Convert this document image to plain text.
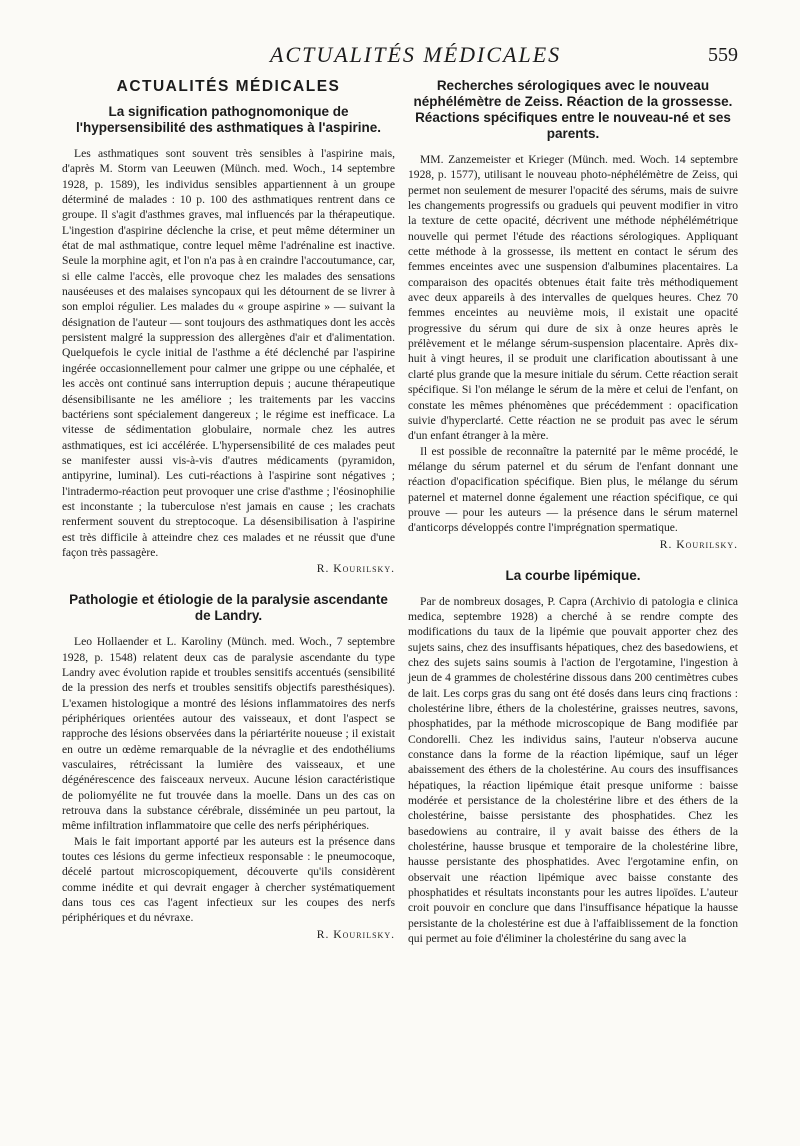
ACTUALITÉS MÉDICALES	559
ACTUALITÉS MÉDICALES
La signification pathognomonique de l'hypersensibilité des asthmatiques à l'aspirine.

Les asthmatiques sont souvent très sensibles à l'aspirine mais, d'après M. Storm van Leeuwen (Münch. med. Woch., 14 septembre 1928, p. 1589), les individus sensibles appartiennent à un groupe déterminé de malades : 10 p. 100 des asthmatiques rentrent dans ce groupe. Il s'agit d'asthmes graves, mal influencés par la thérapeutique. L'ingestion d'aspirine déclenche la crise, et peut même déterminer un état de mal asthmatique, contre lequel même l'adrénaline est inactive. Seule la morphine agit, et l'on n'a pas à en craindre l'accoutumance, car, si elle calme l'accès, elle provoque chez les malades des sensations nauséeuses et des malaises syncopaux qui les détournent de se livrer à son emploi régulier. Les malades du « groupe aspirine » — suivant la désignation de l'auteur — sont toujours des asthmatiques dont les accès persistent malgré la suppression des allergènes d'air et d'alimentation. Quelquefois le cycle initial de l'asthme a été déclenché par l'aspirine ingérée occasionnellement pour calmer une grippe ou une céphalée, et les accès ont continué sans interruption depuis ; aucune thérapeutique désensibilisante ne les améliore ; les traitements par les vaccins bactériens sont spécialement dangereux ; le régime est inefficace. La vitesse de sédimentation globulaire, normale chez les autres asthmatiques, est ici accélérée. L'hypersensibilité de ces malades peut se manifester aussi vis-à-vis d'autres médicaments (pyramidon, antipyrine, luminal). Les cuti-réactions à l'aspirine sont négatives ; l'intradermo-réaction peut provoquer une crise d'asthme ; l'éosinophilie est inconstante ; la tuberculose n'est jamais en cause ; les crachats renferment souvent du streptocoque. La désensibilisation à l'aspirine est très difficile à atteindre chez ces malades et ne réussit que d'une façon très passagère.

R. Kourilsky.
Pathologie et étiologie de la paralysie ascendante de Landry.

Leo Hollaender et L. Karoliny (Münch. med. Woch., 7 septembre 1928, p. 1548) relatent deux cas de paralysie ascendante du type Landry avec évolution rapide et troubles sensitifs accentués (sensibilité de la pression des nerfs et troubles sensitifs objectifs paresthésiques). L'examen histologique a montré des lésions inflammatoires des nerfs périphériques orientées autour des vaisseaux, et dont l'aspect se rapproche des lésions observées dans la périartérite noueuse ; il existait en outre un œdème remarquable de la névraglie et des endothéliums vasculaires, rétrécissant la lumière des vaisseaux, et une dégénérescence des faisceaux nerveux. Aucune lésion caractéristique de poliomyélite ne fut trouvée dans la moelle. Dans un des cas on retrouva dans la substance cérébrale, disséminée un peu partout, la même infiltration inflammatoire que celle des nerfs périphériques.

Mais le fait important apporté par les auteurs est la présence dans toutes ces lésions du germe infectieux responsable : le pneumocoque, décelé partout microscopiquement, découverte qu'ils considèrent comme inédite et qui devrait engager à chercher systématiquement dans tous ces cas l'agent infectieux sur les coupes des nerfs périphériques et du névraxe.

R. Kourilsky.
Recherches sérologiques avec le nouveau néphélémètre de Zeiss. Réaction de la grossesse. Réactions spécifiques entre le nouveau-né et ses parents.

MM. Zanzemeister et Krieger (Münch. med. Woch. 14 septembre 1928, p. 1577), utilisant le nouveau photo-néphélémètre de Zeiss, qui permet non seulement de mesurer l'opacité des sérums, mais de suivre les changements progressifs ou graduels qui peuvent modifier in vitro la texture de cette opacité, décrivent une méthode néphélémétrique nouvelle qui permet l'étude des réactions sérologiques. Appliquant cette méthode à la grossesse, ils mettent en contact le sérum des femmes enceintes avec une suspension d'albumines placentaires. La comparaison des opacités obtenues était faite très méthodiquement avec deux appareils à des intervalles de quelques heures. Chez 70 femmes enceintes au neuvième mois, il existait une opacité progressive du sérum qui dure de six à onze heures après le prélèvement et le mélange sérum-suspension placentaire. Après dix-huit à vingt heures, il se produit une clarification aboutissant à une clarté plus grande que la mesure initiale du sérum. Cette réaction serait spécifique. Si l'on mélange le sérum de la mère et celui de l'enfant, on constate les mêmes phénomènes que précédemment : opacification suivie d'hyperclarté. Cette réaction ne se produit pas avec le sérum d'un enfant étranger à la mère.

Il est possible de reconnaître la paternité par le même procédé, le mélange du sérum paternel et du sérum de l'enfant donnant une réaction d'opacification spécifique. Bien plus, le mélange du sérum paternel et maternel donne également une réaction spécifique, ce qui prouve — pour les auteurs — la présence dans le sérum maternel d'anticorps développés contre l'imprégnation spermatique.

R. Kourilsky.
La courbe lipémique.

Par de nombreux dosages, P. Capra (Archivio di patologia e clinica medica, septembre 1928) a cherché à se rendre compte des modifications du taux de la lipémie que pouvait apporter chez des sujets sains, chez des insuffisants hépatiques, chez des basedowiens, et chez des sujets sains soumis à l'action de l'ergotamine, l'ingestion à jeun de 4 grammes de cholestérine dissous dans 200 centimètres cubes de lait. Les corps gras du sang ont été dosés dans leurs cinq fractions : cholestérine libre, éthers de la cholestérine, graisses neutres, savons, phosphatides, par la méthode microscopique de Bang modifiée par Condorelli. Chez les individus sains, l'auteur n'observa aucune constance dans la forme de la réaction lipémique, sauf un léger abaissement des éthers de la cholestérine. Au cours des insuffisances hépatiques, la réaction lipémique était presque uniforme : baisse modérée et persistance de la cholestérine libre et des éthers de la cholestérine, baisse persistante des phosphatides. Chez les basedowiens au contraire, il y avait baisse des éthers de la cholestérine, hausse brusque et temporaire de la cholestérine libre, hausse persistante des phosphatides. Avec l'ergotamine enfin, on observait une réaction lipémique avec baisse constante des phosphatides et résultats inconstants pour les autres lipoïdes. L'auteur croit pouvoir en conclure que dans l'insuffisance hépatique la hausse persistante de la cholestérine est due à l'affaiblissement de la fonction qui permet au foie d'éliminer la cholestérine du sang avec la
